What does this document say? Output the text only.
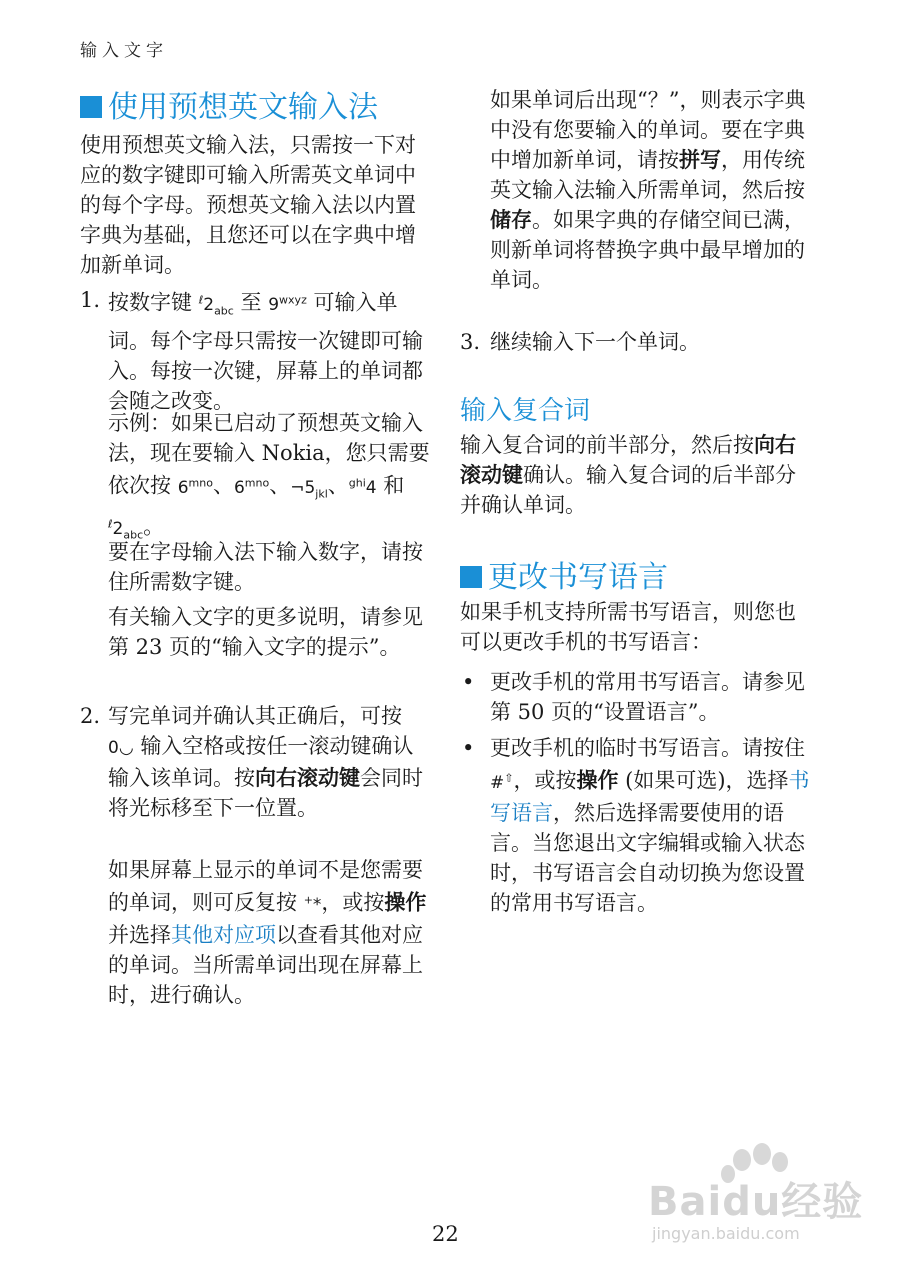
输入文字
使用预想英文输入法
使用预想英文输入法，只需按一下对应的数字键即可输入所需英文单词中的每个字母。预想英文输入法以内置字典为基础，且您还可以在字典中增加新单词。
1. 按数字键 $^\ell 2_{abc}$ 至 $9^{wxyz}$ 可输入单词。每个字母只需按一次键即可输入。每按一次键，屏幕上的单词都会随之改变。
示例：如果已启动了预想英文输入法，现在要输入 Nokia，您只需要依次按 $6^{mno}$、$6^{mno}$、$\neg 5_{jkl}$、$^{ghi}$4 和 $^\ell 2_{abc}$。
要在字母输入法下输入数字，请按住所需数字键。
有关输入文字的更多说明，请参见第 23 页的“输入文字的提示”。
2. 写完单词并确认其正确后，可按 0◡ 输入空格或按任一滚动键确认输入该单词。按向右滚动键会同时将光标移至下一位置。
如果屏幕上显示的单词不是您需要的单词，则可反复按 +*，或按操作并选择其他对应项以查看其他对应的单词。当所需单词出现在屏幕上时，进行确认。
如果单词后出现“？”，则表示字典中没有您要输入的单词。要在字典中增加新单词，请按拼写，用传统英文输入法输入所需单词，然后按储存。如果字典的存储空间已满，则新单词将替换字典中最早增加的单词。
3. 继续输入下一个单词。
输入复合词
输入复合词的前半部分，然后按向右滚动键确认。输入复合词的后半部分并确认单词。
更改书写语言
如果手机支持所需书写语言，则您也可以更改手机的书写语言：
• 更改手机的常用书写语言。请参见第 50 页的“设置语言”。
• 更改手机的临时书写语言。请按住 #⇧，或按操作 (如果可选)，选择书写语言，然后选择需要使用的语言。当您退出文字编辑或输入状态时，书写语言会自动切换为您设置的常用书写语言。
22
Baidu经验
jingyan.baidu.com
